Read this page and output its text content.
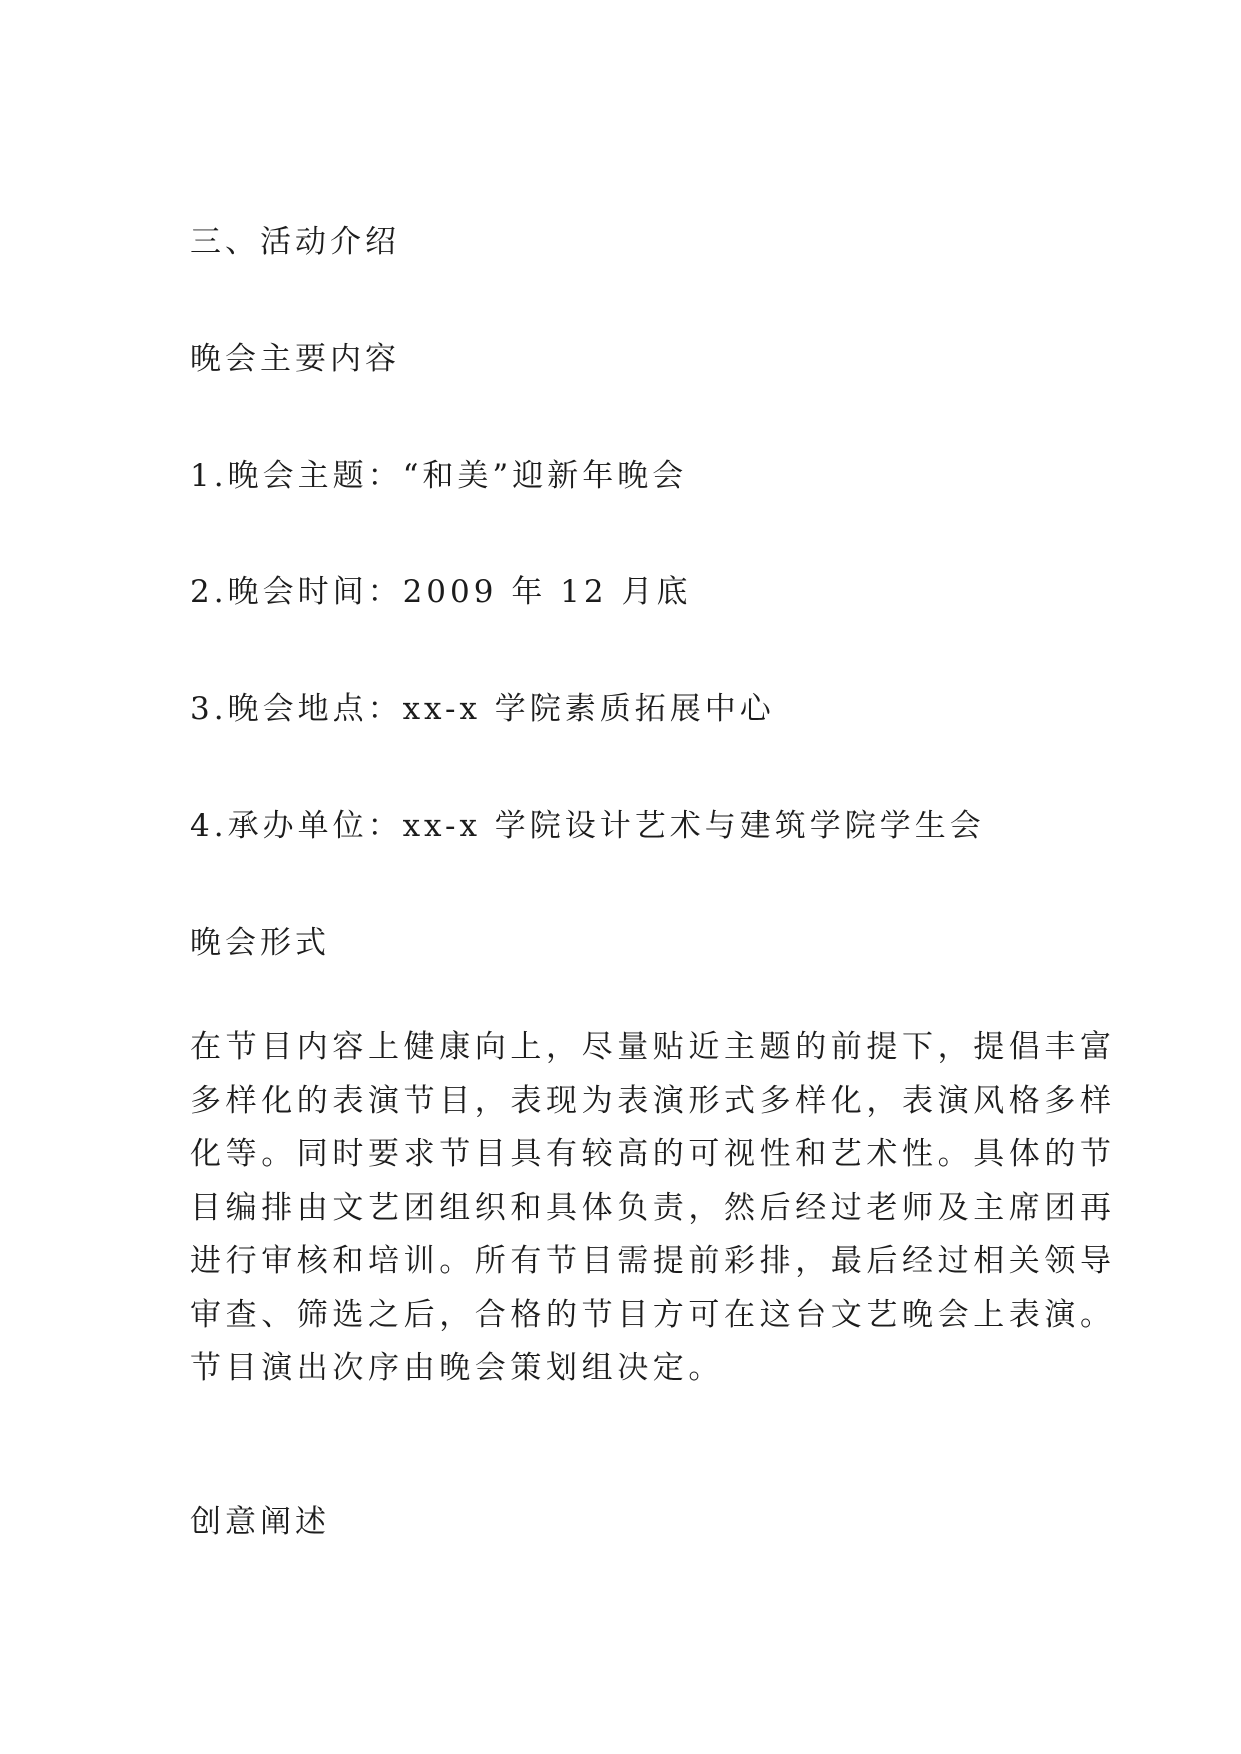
三、活动介绍
晚会主要内容
1.晚会主题：“和美”迎新年晚会
2.晚会时间：2009 年 12 月底
3.晚会地点：xx-x 学院素质拓展中心
4.承办单位：xx-x 学院设计艺术与建筑学院学生会
晚会形式

在节目内容上健康向上，尽量贴近主题的前提下，提倡丰富
多样化的表演节目，表现为表演形式多样化，表演风格多样
化等。同时要求节目具有较高的可视性和艺术性。具体的节
目编排由文艺团组织和具体负责，然后经过老师及主席团再
进行审核和培训。所有节目需提前彩排，最后经过相关领导
审查、筛选之后，合格的节目方可在这台文艺晚会上表演。
节目演出次序由晚会策划组决定。

创意阐述
